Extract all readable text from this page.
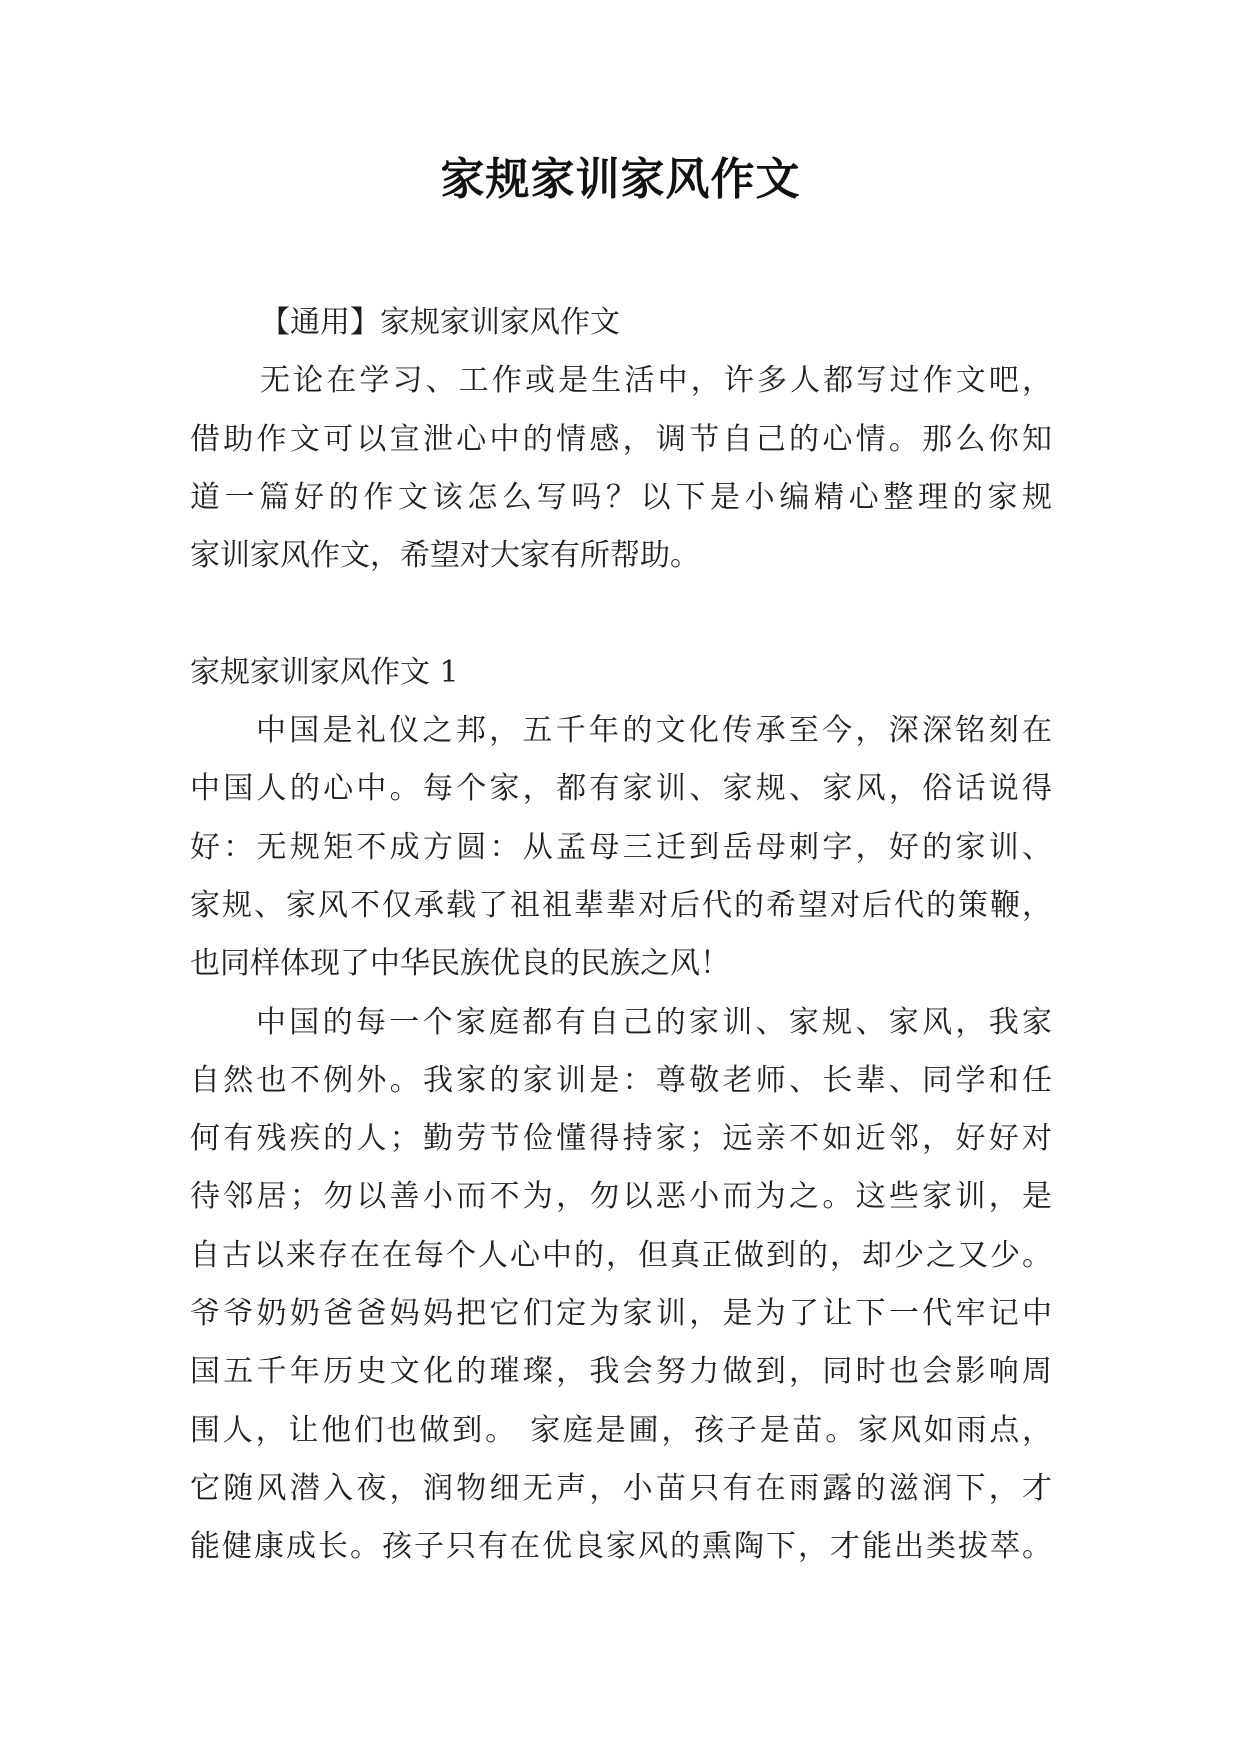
家规家训家风作文
【通用】家规家训家风作文
无论在学习、工作或是生活中，许多人都写过作文吧，
借助作文可以宣泄心中的情感，调节自己的心情。那么你知
道一篇好的作文该怎么写吗？以下是小编精心整理的家规
家训家风作文，希望对大家有所帮助。
家规家训家风作文 1
中国是礼仪之邦，五千年的文化传承至今，深深铭刻在
中国人的心中。每个家，都有家训、家规、家风，俗话说得
好：无规矩不成方圆：从孟母三迁到岳母刺字，好的家训、
家规、家风不仅承载了祖祖辈辈对后代的希望对后代的策鞭，
也同样体现了中华民族优良的民族之风！
中国的每一个家庭都有自己的家训、家规、家风，我家
自然也不例外。我家的家训是：尊敬老师、长辈、同学和任
何有残疾的人；勤劳节俭懂得持家；远亲不如近邻，好好对
待邻居；勿以善小而不为，勿以恶小而为之。这些家训，是
自古以来存在在每个人心中的，但真正做到的，却少之又少。
爷爷奶奶爸爸妈妈把它们定为家训，是为了让下一代牢记中
国五千年历史文化的璀璨，我会努力做到，同时也会影响周
围人，让他们也做到。 家庭是圃，孩子是苗。家风如雨点，
它随风潜入夜，润物细无声，小苗只有在雨露的滋润下，才
能健康成长。孩子只有在优良家风的熏陶下，才能出类拔萃。
